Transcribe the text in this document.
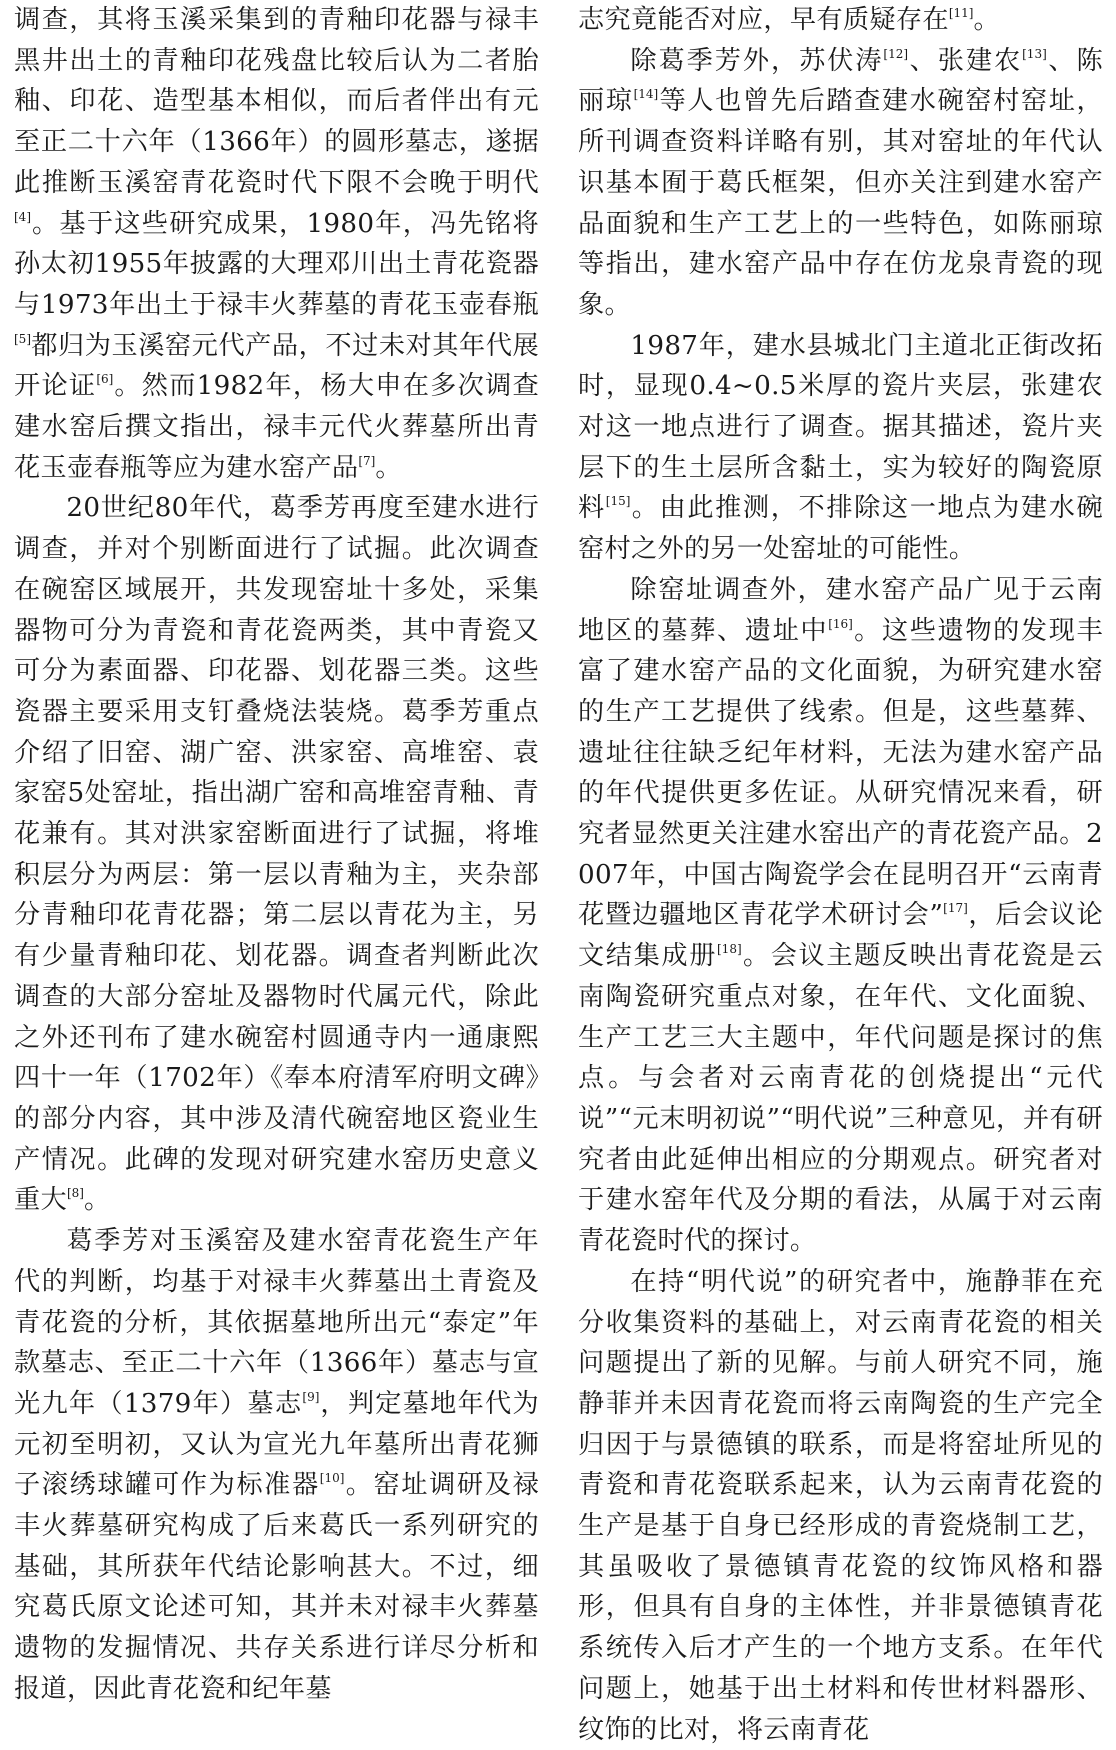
调查，其将玉溪采集到的青釉印花器与禄丰黑井出土的青釉印花残盘比较后认为二者胎釉、印花、造型基本相似，而后者伴出有元至正二十六年（1366年）的圆形墓志，遂据此推断玉溪窑青花瓷时代下限不会晚于明代[4]。基于这些研究成果，1980年，冯先铭将孙太初1955年披露的大理邓川出土青花瓷器与1973年出土于禄丰火葬墓的青花玉壶春瓶[5]都归为玉溪窑元代产品，不过未对其年代展开论证[6]。然而1982年，杨大申在多次调查建水窑后撰文指出，禄丰元代火葬墓所出青花玉壶春瓶等应为建水窑产品[7]。

20世纪80年代，葛季芳再度至建水进行调查，并对个别断面进行了试掘。此次调查在碗窑区域展开，共发现窑址十多处，采集器物可分为青瓷和青花瓷两类，其中青瓷又可分为素面器、印花器、划花器三类。这些瓷器主要采用支钉叠烧法装烧。葛季芳重点介绍了旧窑、湖广窑、洪家窑、高堆窑、袁家窑5处窑址，指出湖广窑和高堆窑青釉、青花兼有。其对洪家窑断面进行了试掘，将堆积层分为两层：第一层以青釉为主，夹杂部分青釉印花青花器；第二层以青花为主，另有少量青釉印花、划花器。调查者判断此次调查的大部分窑址及器物时代属元代，除此之外还刊布了建水碗窑村圆通寺内一通康熙四十一年（1702年）《奉本府清军府明文碑》的部分内容，其中涉及清代碗窑地区瓷业生产情况。此碑的发现对研究建水窑历史意义重大[8]。

葛季芳对玉溪窑及建水窑青花瓷生产年代的判断，均基于对禄丰火葬墓出土青瓷及青花瓷的分析，其依据墓地所出元“泰定”年款墓志、至正二十六年（1366年）墓志与宣光九年（1379年）墓志[9]，判定墓地年代为元初至明初，又认为宣光九年墓所出青花狮子滚绣球罐可作为标准器[10]。窑址调研及禄丰火葬墓研究构成了后来葛氏一系列研究的基础，其所获年代结论影响甚大。不过，细究葛氏原文论述可知，其并未对禄丰火葬墓遗物的发掘情况、共存关系进行详尽分析和报道，因此青花瓷和纪年墓

志究竟能否对应，早有质疑存在[11]。

除葛季芳外，苏伏涛[12]、张建农[13]、陈丽琼[14]等人也曾先后踏查建水碗窑村窑址，所刊调查资料详略有别，其对窑址的年代认识基本囿于葛氏框架，但亦关注到建水窑产品面貌和生产工艺上的一些特色，如陈丽琼等指出，建水窑产品中存在仿龙泉青瓷的现象。

1987年，建水县城北门主道北正街改拓时，显现0.4~0.5米厚的瓷片夹层，张建农对这一地点进行了调查。据其描述，瓷片夹层下的生土层所含黏土，实为较好的陶瓷原料[15]。由此推测，不排除这一地点为建水碗窑村之外的另一处窑址的可能性。

除窑址调查外，建水窑产品广见于云南地区的墓葬、遗址中[16]。这些遗物的发现丰富了建水窑产品的文化面貌，为研究建水窑的生产工艺提供了线索。但是，这些墓葬、遗址往往缺乏纪年材料，无法为建水窑产品的年代提供更多佐证。从研究情况来看，研究者显然更关注建水窑出产的青花瓷产品。2007年，中国古陶瓷学会在昆明召开“云南青花暨边疆地区青花学术研讨会”[17]，后会议论文结集成册[18]。会议主题反映出青花瓷是云南陶瓷研究重点对象，在年代、文化面貌、生产工艺三大主题中，年代问题是探讨的焦点。与会者对云南青花的创烧提出“元代说”“元末明初说”“明代说”三种意见，并有研究者由此延伸出相应的分期观点。研究者对于建水窑年代及分期的看法，从属于对云南青花瓷时代的探讨。

在持“明代说”的研究者中，施静菲在充分收集资料的基础上，对云南青花瓷的相关问题提出了新的见解。与前人研究不同，施静菲并未因青花瓷而将云南陶瓷的生产完全归因于与景德镇的联系，而是将窑址所见的青瓷和青花瓷联系起来，认为云南青花瓷的生产是基于自身已经形成的青瓷烧制工艺，其虽吸收了景德镇青花瓷的纹饰风格和器形，但具有自身的主体性，并非景德镇青花系统传入后才产生的一个地方支系。在年代问题上，她基于出土材料和传世材料器形、纹饰的比对，将云南青花
